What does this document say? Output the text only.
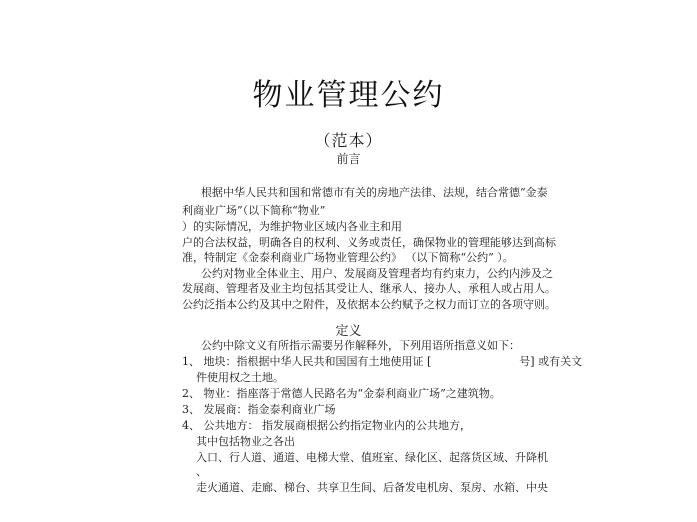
物业管理公约
（范本）
前言
根据中华人民共和国和常德市有关的房地产法律、法规，结合常德“金泰
利商业广场”（以下简称“物业”
）的实际情况，为维护物业区域内各业主和用
户的合法权益，明确各自的权利、义务或责任，确保物业的管理能够达到高标
准，特制定《金泰利商业广场物业管理公约》 （以下简称“公约” ）。
公约对物业全体业主、用户、发展商及管理者均有约束力，公约内涉及之
发展商、管理者及业主均包括其受让人、继承人、接办人、承租人或占用人。
公约泛指本公约及其中之附件，及依据本公约赋予之权力而订立的各项守则。
定义
公约中除文义有所指示需要另作解释外，下列用语所指意义如下：
1、 地块：指根据中华人民共和国国有土地使用证 [	号] 或有关文
件使用权之土地。
2、 物业：指座落于常德人民路名为“金泰利商业广场”之建筑物。
3、 发展商：指金泰利商业广场
4、 公共地方： 指发展商根据公约指定物业内的公共地方，
其中包括物业之各出
入口、行人道、通道、电梯大堂、值班室、绿化区、起落货区域、升降机
、
走火通道、走廊、梯台、共享卫生间、后备发电机房、泵房、水箱、中央
